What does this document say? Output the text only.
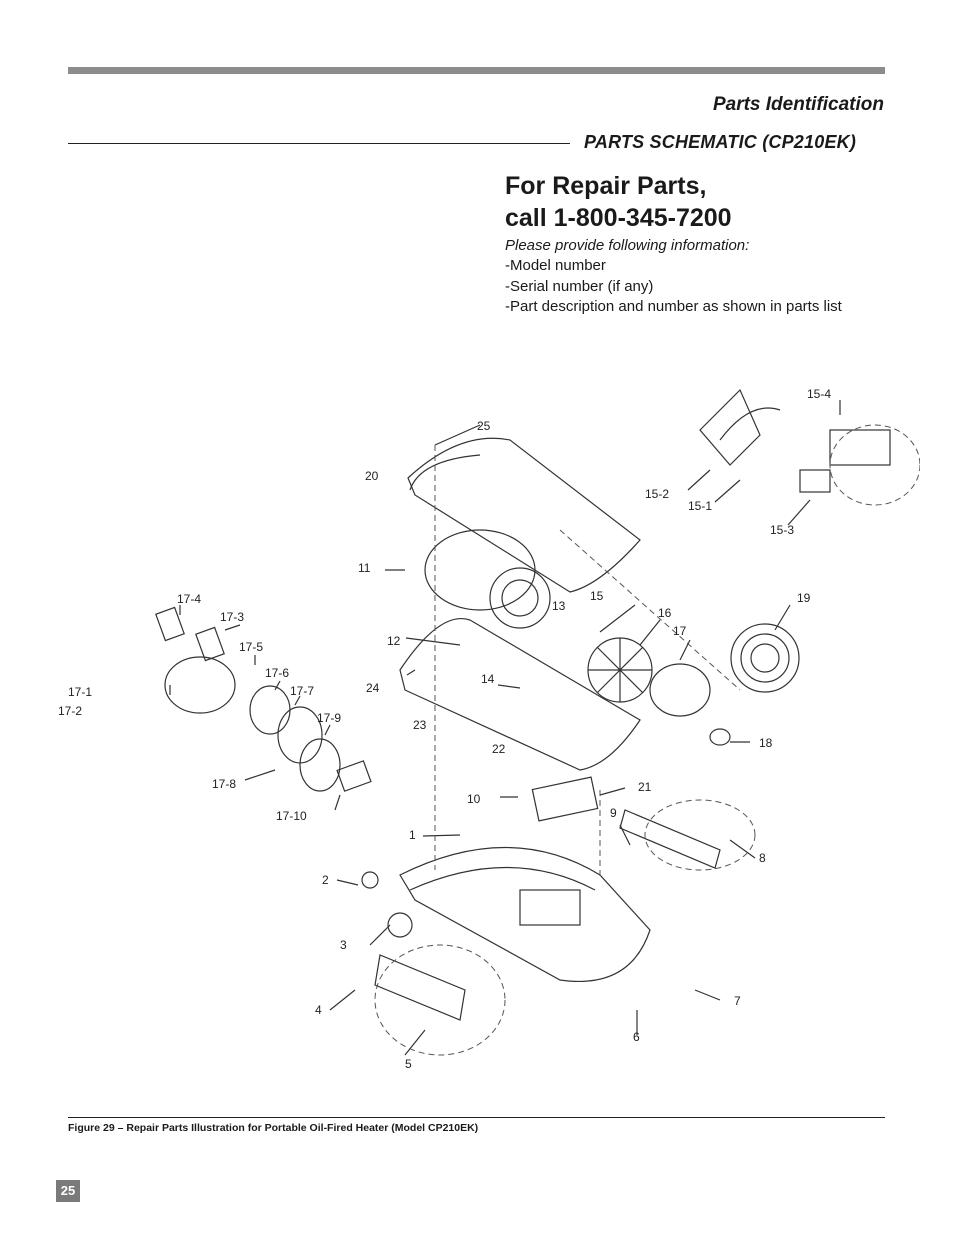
Parts Identification
PARTS SCHEMATIC (CP210EK)
For Repair Parts,
call 1-800-345-7200
Please provide following information:
-Model number
-Serial number (if any)
-Part description and number as shown in parts list
25
20
11
13
15
16
17
19
12
24
14
23
22	18
10
21
9
8
1
2
3
4
5
6
7
15-4
15-2
15-1
15-3
17-4
17-3
17-5
17-6
17-7
17-1
17-2	17-9
17-8
17-10
Figure 29 – Repair Parts Illustration for Portable Oil-Fired Heater (Model CP210EK)
25
